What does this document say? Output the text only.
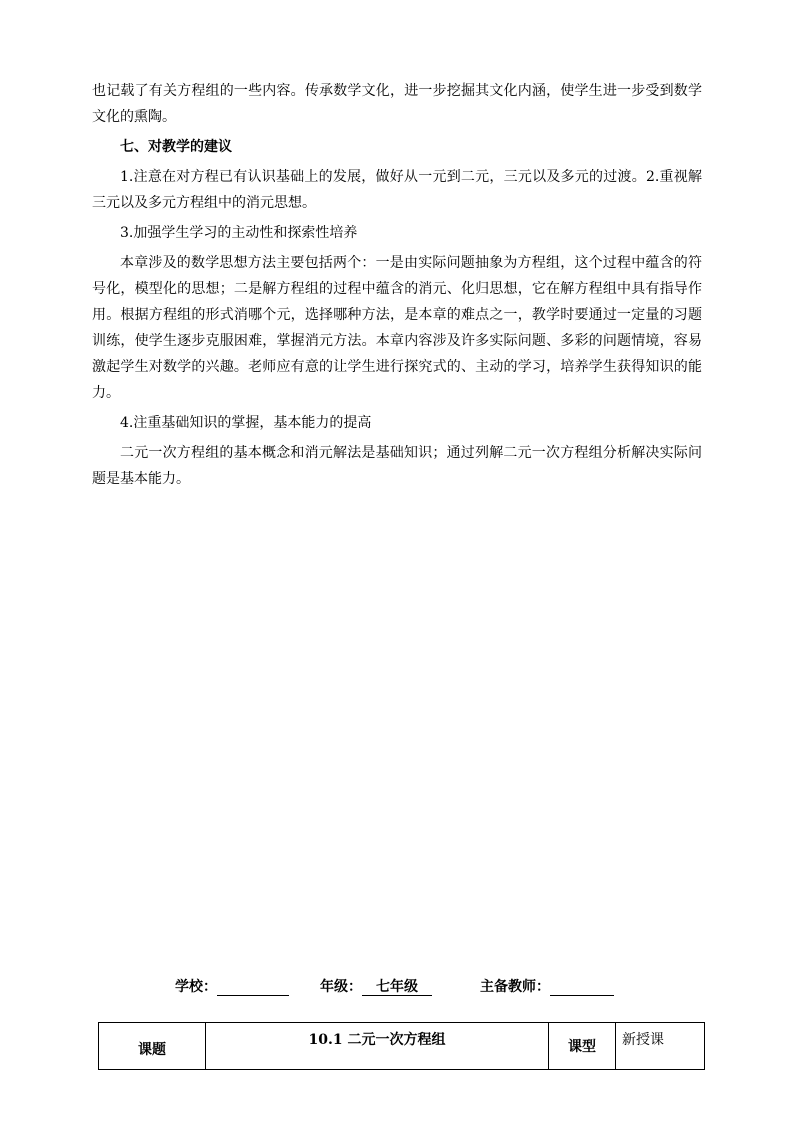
也记载了有关方程组的一些内容。传承数学文化，进一步挖掘其文化内涵，使学生进一步受到数学文化的熏陶。

七、对教学的建议

1.注意在对方程已有认识基础上的发展，做好从一元到二元，三元以及多元的过渡。2.重视解三元以及多元方程组中的消元思想。

3.加强学生学习的主动性和探索性培养

本章涉及的数学思想方法主要包括两个：一是由实际问题抽象为方程组，这个过程中蕴含的符号化，模型化的思想；二是解方程组的过程中蕴含的消元、化归思想，它在解方程组中具有指导作用。根据方程组的形式消哪个元，选择哪种方法，是本章的难点之一，教学时要通过一定量的习题训练，使学生逐步克服困难，掌握消元方法。本章内容涉及许多实际问题、多彩的问题情境，容易激起学生对数学的兴趣。老师应有意的让学生进行探究式的、主动的学习，培养学生获得知识的能力。

4.注重基础知识的掌握，基本能力的提高

二元一次方程组的基本概念和消元解法是基础知识；通过列解二元一次方程组分析解决实际问题是基本能力。

学校：	年级： 七年级	主备教师：
课题	10.1 二元一次方程组	课型	新授课
